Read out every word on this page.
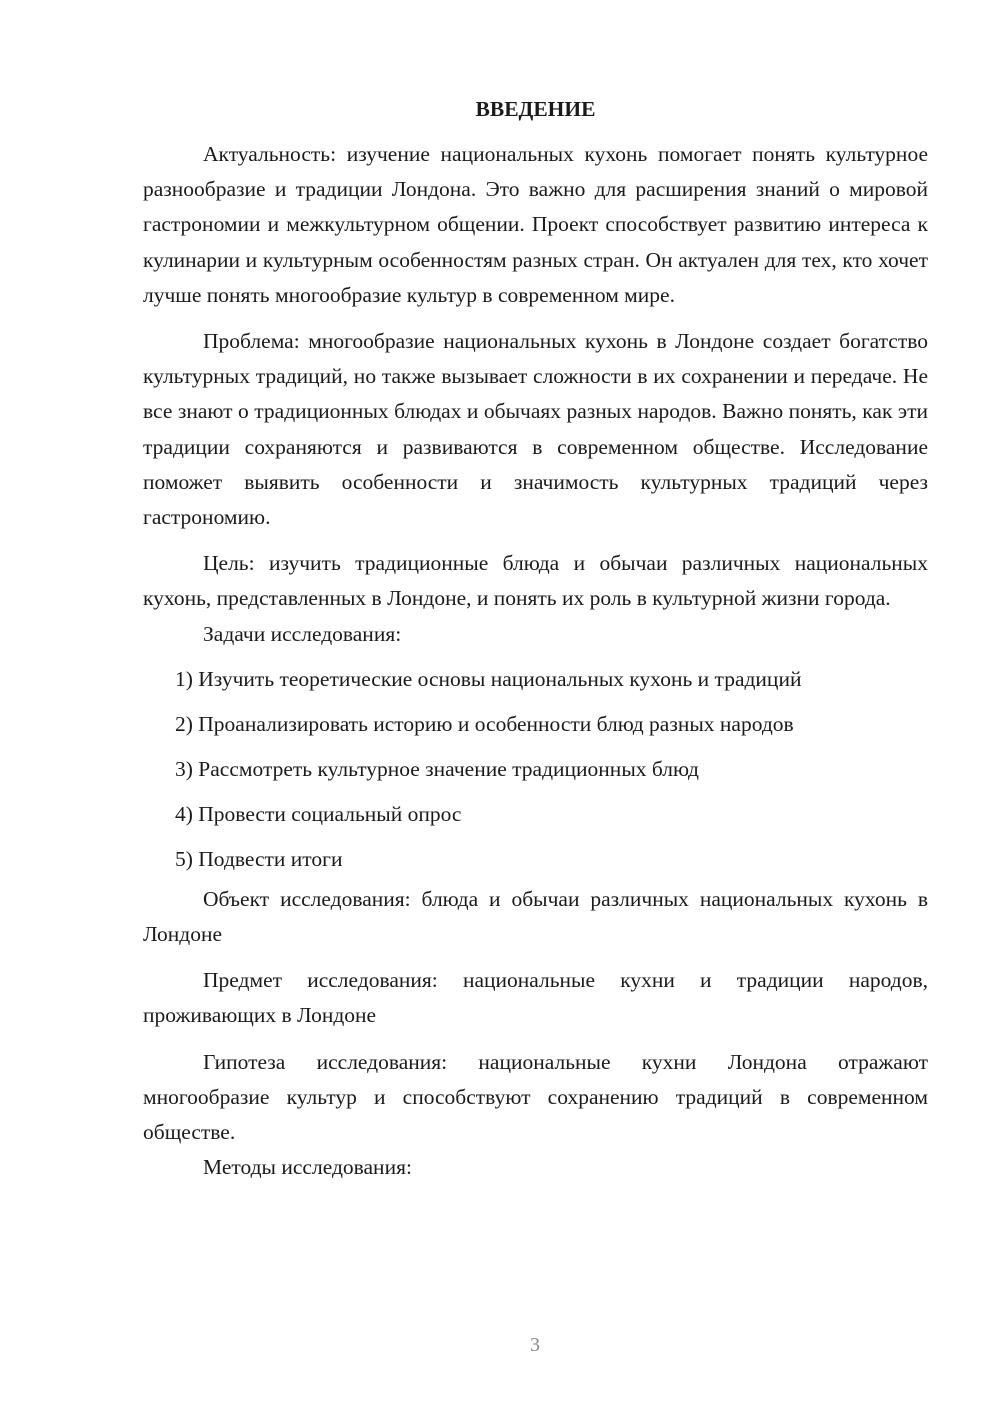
ВВЕДЕНИЕ

Актуальность: изучение национальных кухонь помогает понять культурное разнообразие и традиции Лондона. Это важно для расширения знаний о мировой гастрономии и межкультурном общении. Проект способствует развитию интереса к кулинарии и культурным особенностям разных стран. Он актуален для тех, кто хочет лучше понять многообразие культур в современном мире.

Проблема: многообразие национальных кухонь в Лондоне создает богатство культурных традиций, но также вызывает сложности в их сохранении и передаче. Не все знают о традиционных блюдах и обычаях разных народов. Важно понять, как эти традиции сохраняются и развиваются в современном обществе. Исследование поможет выявить особенности и значимость культурных традиций через гастрономию.

Цель: изучить традиционные блюда и обычаи различных национальных кухонь, представленных в Лондоне, и понять их роль в культурной жизни города.

Задачи исследования:

1) Изучить теоретические основы национальных кухонь и традиций
2) Проанализировать историю и особенности блюд разных народов
3) Рассмотреть культурное значение традиционных блюд
4) Провести социальный опрос
5) Подвести итоги

Объект исследования: блюда и обычаи различных национальных кухонь в Лондоне

Предмет исследования: национальные кухни и традиции народов, проживающих в Лондоне

Гипотеза исследования: национальные кухни Лондона отражают многообразие культур и способствуют сохранению традиций в современном обществе.

Методы исследования:

3
